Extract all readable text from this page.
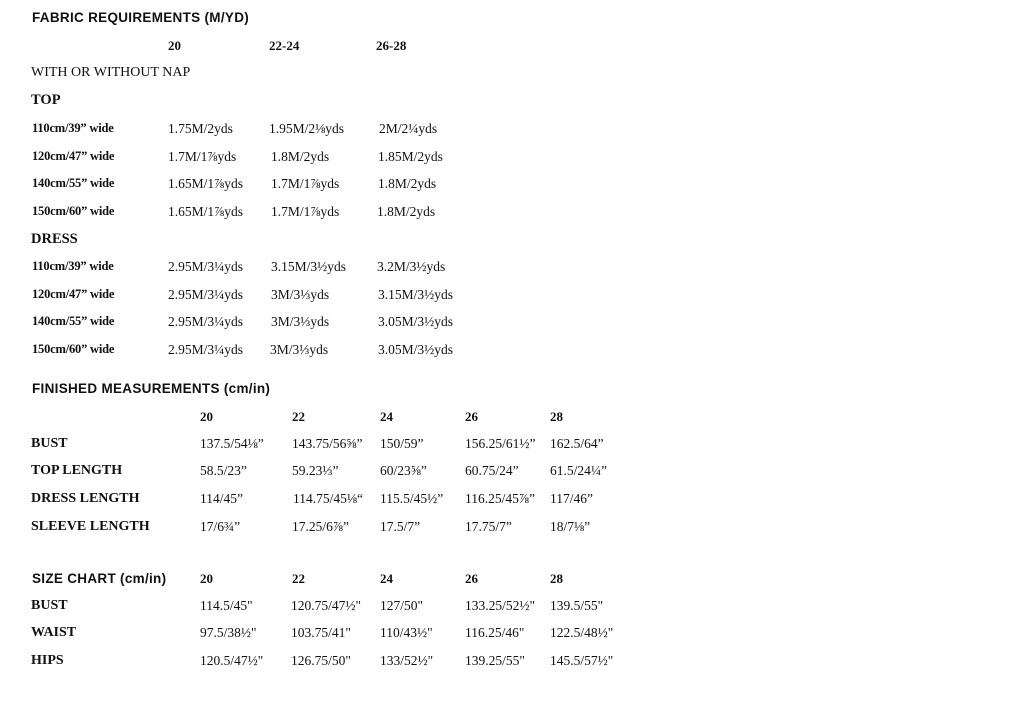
FABRIC REQUIREMENTS (M/YD)
20	22-24	26-28
WITH OR WITHOUT NAP
TOP
110cm/39” wide	1.75M/2yds	1.95M/2⅛yds	2M/2¼yds
120cm/47” wide	1.7M/1⅞yds	1.8M/2yds	1.85M/2yds
140cm/55” wide	1.65M/1⅞yds 1.7M/1⅞yds	1.8M/2yds
150cm/60” wide	1.65M/1⅞yds 1.7M/1⅞yds	1.8M/2yds
DRESS
110cm/39” wide	2.95M/3¼yds 3.15M/3½yds 3.2M/3½yds
120cm/47” wide	2.95M/3¼yds 3M/3⅓yds	3.15M/3½yds
140cm/55” wide	2.95M/3¼yds 3M/3⅓yds	3.05M/3½yds
150cm/60” wide	2.95M/3¼yds 3M/3⅓yds	3.05M/3½yds
FINISHED MEASUREMENTS (cm/in)
20	22	24	26	28
BUST	137.5/54⅛” 143.75/56⅝” 150/59”	156.25/61½” 162.5/64”
TOP LENGTH	58.5/23”	59.23⅓”	60/23⅝”	60.75/24” 61.5/24¼”
DRESS LENGTH	114/45”	114.75/45⅛“ 115.5/45½” 116.25/45⅞” 117/46”
SLEEVE LENGTH	17/6¾”	17.25/6⅞” 17.5/7”	17.75/7”	18/7⅛”
SIZE CHART (cm/in)	20	22	24	26	28
BUST	114.5/45"	120.75/47½" 127/50"	133.25/52½" 139.5/55"
WAIST	97.5/38½"	103.75/41" 110/43½" 116.25/46" 122.5/48½"
HIPS	120.5/47½" 126.75/50" 133/52½" 139.25/55" 145.5/57½"
